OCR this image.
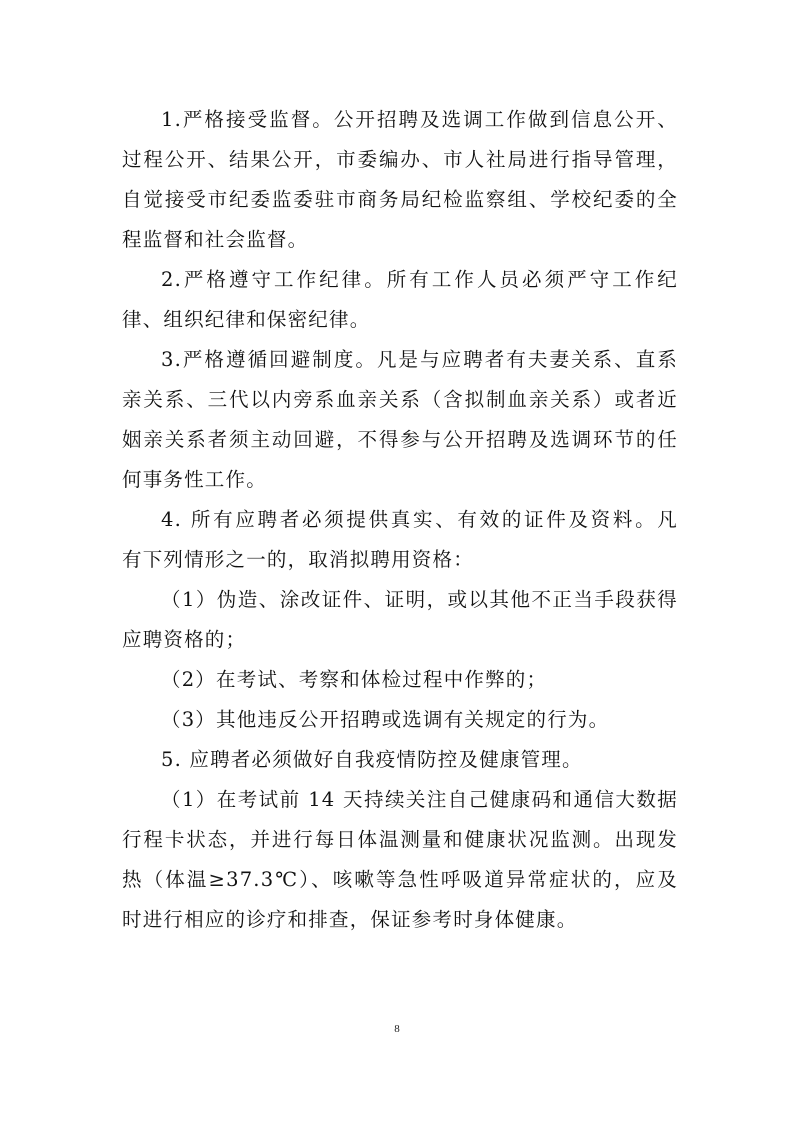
1.严格接受监督。公开招聘及选调工作做到信息公开、
过程公开、结果公开，市委编办、市人社局进行指导管理，
自觉接受市纪委监委驻市商务局纪检监察组、学校纪委的全
程监督和社会监督。
2.严格遵守工作纪律。所有工作人员必须严守工作纪
律、组织纪律和保密纪律。
3.严格遵循回避制度。凡是与应聘者有夫妻关系、直系
亲关系、三代以内旁系血亲关系（含拟制血亲关系）或者近
姻亲关系者须主动回避，不得参与公开招聘及选调环节的任
何事务性工作。
4. 所有应聘者必须提供真实、有效的证件及资料。凡
有下列情形之一的，取消拟聘用资格：
（1）伪造、涂改证件、证明，或以其他不正当手段获得
应聘资格的；
（2）在考试、考察和体检过程中作弊的；
（3）其他违反公开招聘或选调有关规定的行为。
5. 应聘者必须做好自我疫情防控及健康管理。
（1）在考试前 14 天持续关注自己健康码和通信大数据
行程卡状态，并进行每日体温测量和健康状况监测。出现发
热（体温≥37.3℃）、咳嗽等急性呼吸道异常症状的，应及
时进行相应的诊疗和排查，保证参考时身体健康。
8
